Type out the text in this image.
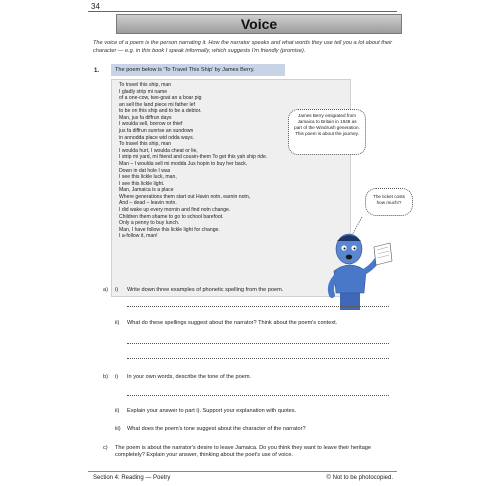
34
Voice
The voice of a poem is the person narrating it. How the narrator speaks and what words they use tell you a lot about their character — e.g. in this book I speak informally, which suggests I'm friendly (promise).
1.	The poem below is 'To Travel This Ship' by James Berry.
To travel this ship, man
I gladly strip mi name
of a one-cow, two-goat an a boar pig
an sell the land piece mi father lef
to be on this ship and to be a debtor.
Man, jus fa diffrun days
I woulda sell, borrow or thief
jus fa diffrun sunrise an sundown
in annodda place wid odda ways.
To travel this ship, man
I woulda hurt, I woulda cheat or lie,
I strip mi yard, mi friend and cousin-them To get this yah ship ride.
Man – I woulda sell mi modda Jus hopin to buy her back.
Down in dat hole I was
I see this lickle luck, man,
I see this lickle light.
Man, Jamaica is a place
Where generations them start out Havin notn, earnin notn,
And – dead – leavin notn.
I did wake up every mornin and find notn change.
Children them shame to go to school barefoot.
Only a penny to buy lunch.
Man, I have follow this lickle light for change.
I a-follow it, man!
James Berry emigrated from Jamaica to Britain in 1948 as part of the Windrush generation. This poem is about the journey.
The ticket costs how much!?
a) i) Write down three examples of phonetic spelling from the poem.
ii) What do these spellings suggest about the narrator? Think about the poem's context.
b) i) In your own words, describe the tone of the poem.
ii) Explain your answer to part i). Support your explanation with quotes.
iii) What does the poem's tone suggest about the character of the narrator?
c) The poem is about the narrator's desire to leave Jamaica. Do you think they want to leave their heritage completely? Explain your answer, thinking about the poet's use of voice.
Section 4: Reading — Poetry	© Not to be photocopied.
